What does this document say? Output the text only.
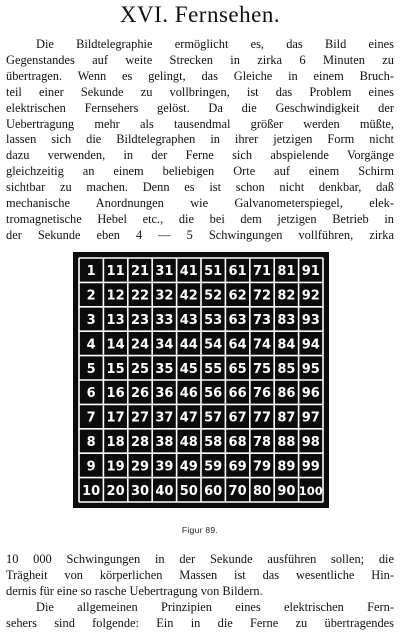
XVI. Fernsehen.
Die Bildtelegraphie ermöglicht es, das Bild eines
Gegenstandes auf weite Strecken in zirka 6 Minuten zu
übertragen. Wenn es gelingt, das Gleiche in einem Bruch-
teil einer Sekunde zu vollbringen, ist das Problem eines
elektrischen Fernsehers gelöst. Da die Geschwindigkeit der
Uebertragung mehr als tausendmal größer werden müßte,
lassen sich die Bildtelegraphen in ihrer jetzigen Form nicht
dazu verwenden, in der Ferne sich abspielende Vorgänge
gleichzeitig an einem beliebigen Orte auf einem Schirm
sichtbar zu machen. Denn es ist schon nicht denkbar, daß
mechanische Anordnungen wie Galvanometerspiegel, elek-
tromagnetische Hebel etc., die bei dem jetzigen Betrieb in
der Sekunde eben 4 — 5 Schwingungen vollführen, zirka
1 11 21 31 41 51 61 71 81 91
2 12 22 32 42 52 62 72 82 92
3 13 23 33 43 53 63 73 83 93
4 14 24 34 44 54 64 74 84 94
5 15 25 35 45 55 65 75 85 95
6 16 26 36 46 56 66 76 86 96
7 17 27 37 47 57 67 77 87 97
8 18 28 38 48 58 68 78 88 98
9 19 29 39 49 59 69 79 89 99
10 20 30 40 50 60 70 80 90 100
Figur 89.
10 000 Schwingungen in der Sekunde ausführen sollen; die
Trägheit von körperlichen Massen ist das wesentliche Hin-
dernis für eine so rasche Uebertragung von Bildern.
Die allgemeinen Prinzipien eines elektrischen Fern-
sehers sind folgende: Ein in die Ferne zu übertragendes
